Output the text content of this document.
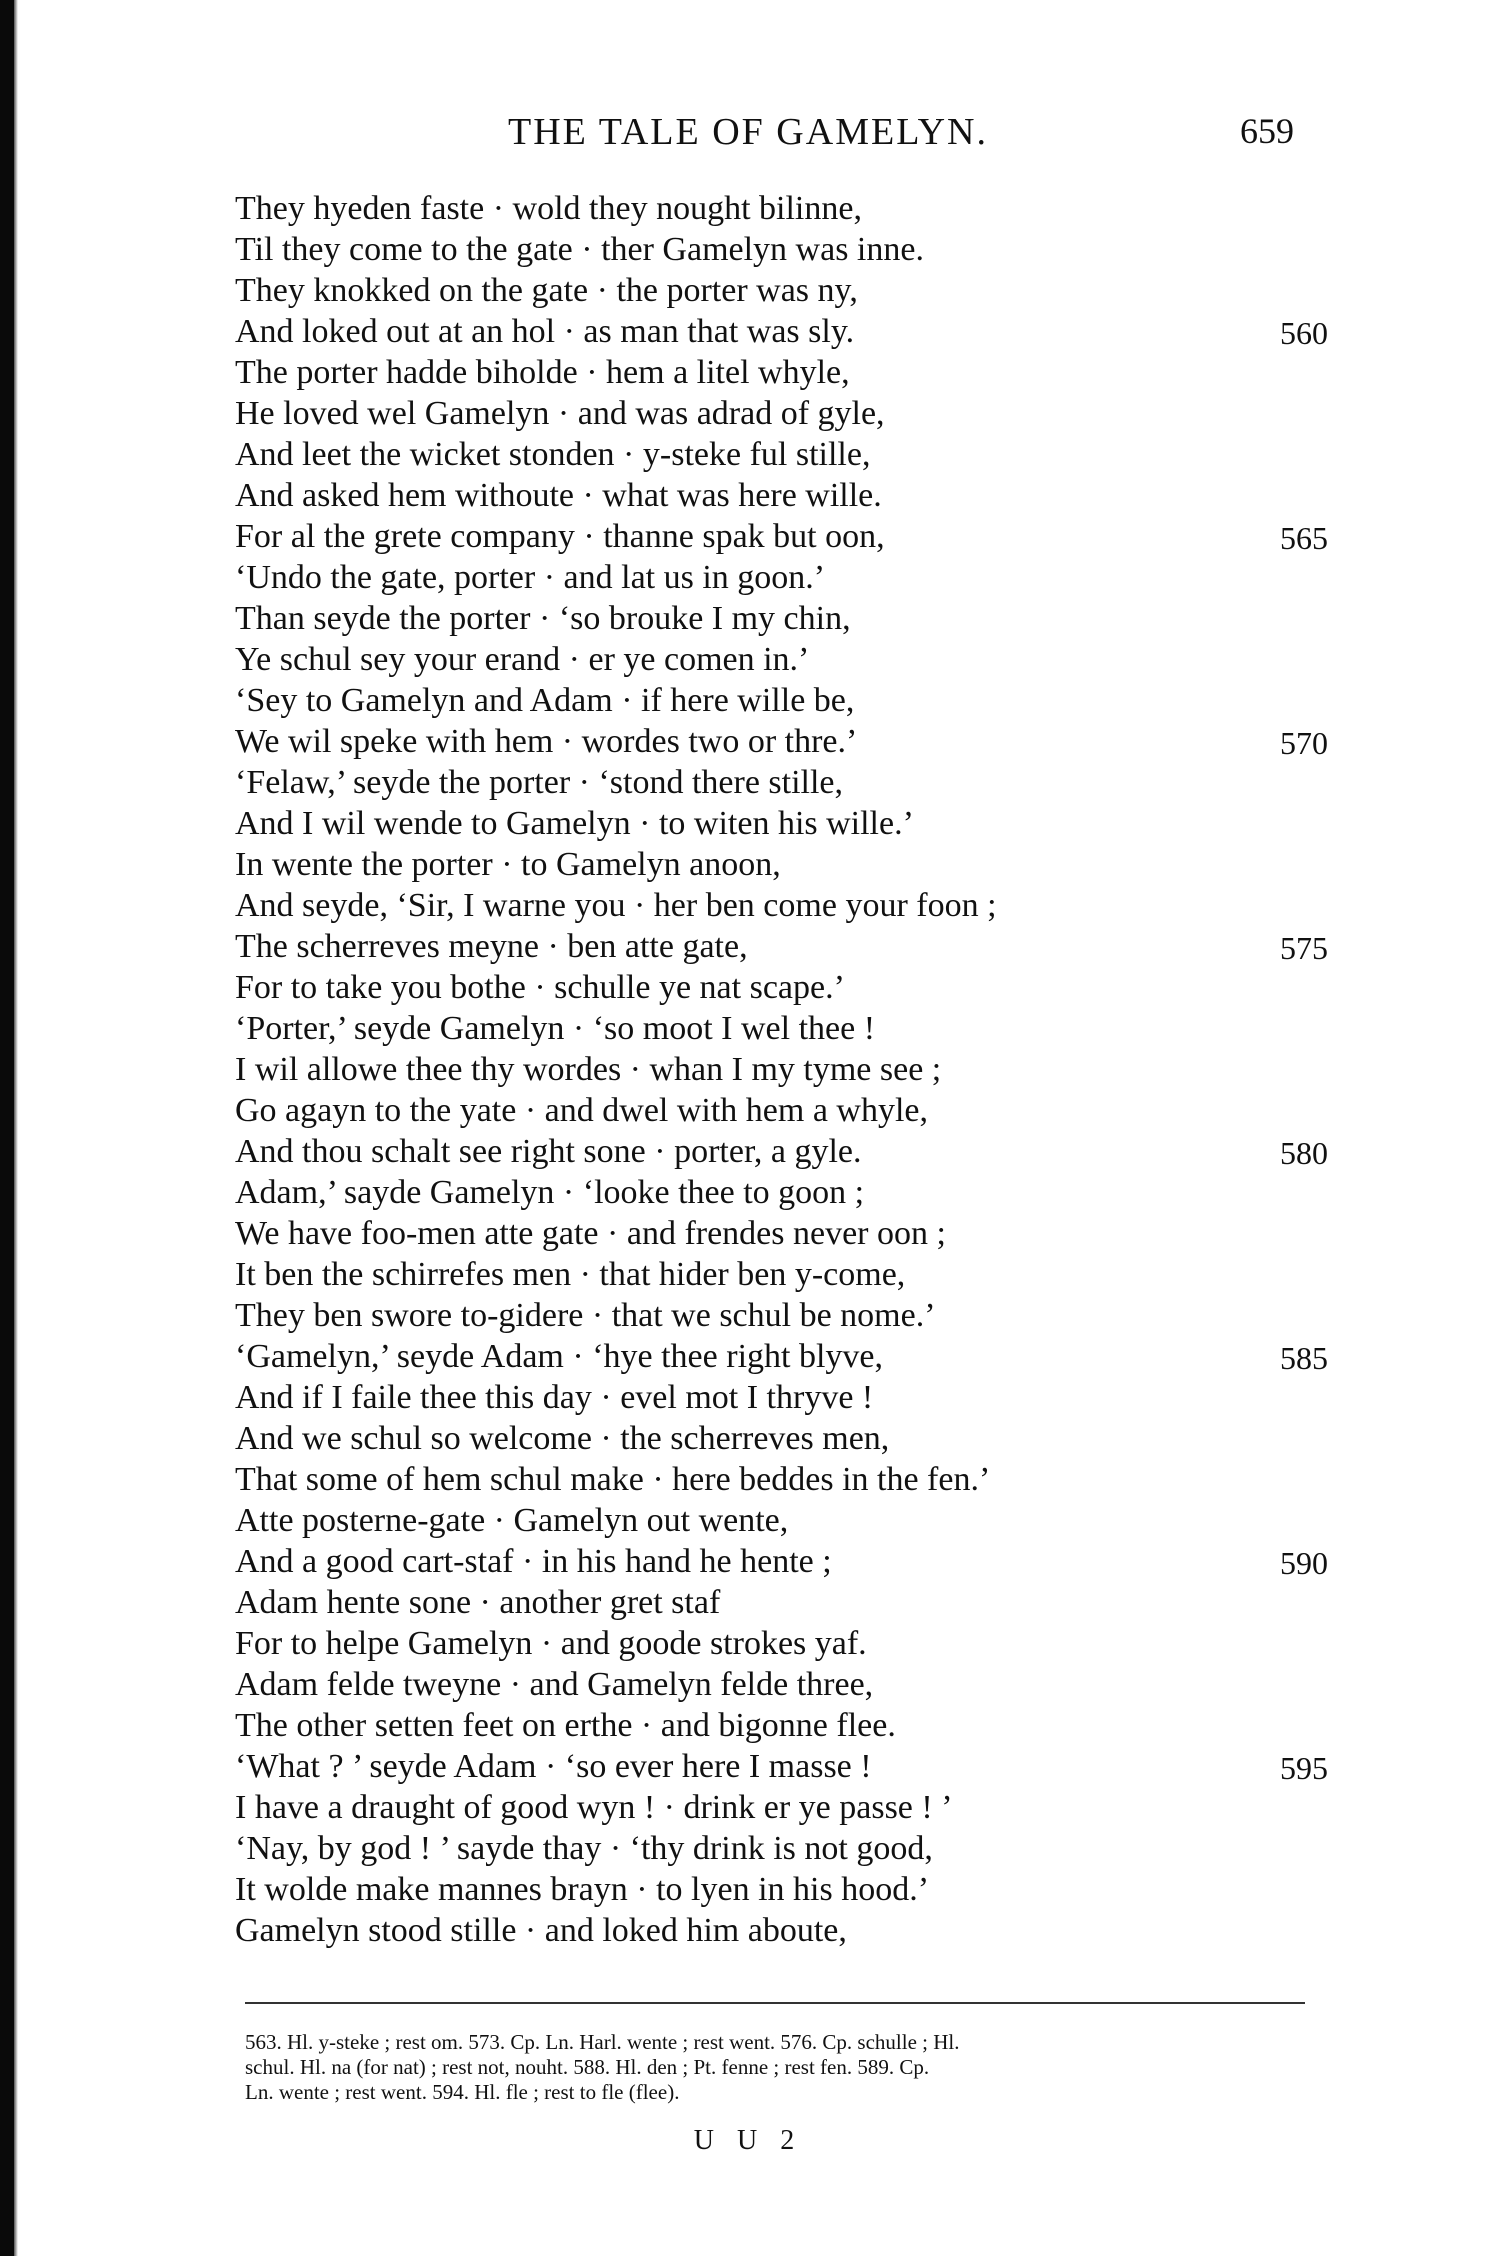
THE TALE OF GAMELYN.	659
They hyeden faste · wold they nought bilinne,
Til they come to the gate · ther Gamelyn was inne.
They knokked on the gate · the porter was ny,
And loked out at an hol · as man that was sly.	560
The porter hadde biholde · hem a litel whyle,
He loved wel Gamelyn · and was adrad of gyle,
And leet the wicket stonden · y-steke ful stille,
And asked hem withoute · what was here wille.
For al the grete company · thanne spak but oon,	565
‘Undo the gate, porter · and lat us in goon.’
Than seyde the porter · ‘so brouke I my chin,
Ye schul sey your erand · er ye comen in.’
‘Sey to Gamelyn and Adam · if here wille be,
We wil speke with hem · wordes two or thre.’	570
‘Felaw,’ seyde the porter · ‘stond there stille,
And I wil wende to Gamelyn · to witen his wille.’
In wente the porter · to Gamelyn anoon,
And seyde, ‘Sir, I warne you · her ben come your foon ;
The scherreves meyne · ben atte gate,	575
For to take you bothe · schulle ye nat scape.’
‘Porter,’ seyde Gamelyn · ‘so moot I wel thee !
I wil allowe thee thy wordes · whan I my tyme see ;
Go agayn to the yate · and dwel with hem a whyle,
And thou schalt see right sone · porter, a gyle.	580
Adam,’ sayde Gamelyn · ‘looke thee to goon ;
We have foo-men atte gate · and frendes never oon ;
It ben the schirrefes men · that hider ben y-come,
They ben swore to-gidere · that we schul be nome.’
‘Gamelyn,’ seyde Adam · ‘hye thee right blyve,	585
And if I faile thee this day · evel mot I thryve !
And we schul so welcome · the scherreves men,
That some of hem schul make · here beddes in the fen.’
Atte posterne-gate · Gamelyn out wente,
And a good cart-staf · in his hand he hente ;	590
Adam hente sone · another gret staf
For to helpe Gamelyn · and goode strokes yaf.
Adam felde tweyne · and Gamelyn felde three,
The other setten feet on erthe · and bigonne flee.
‘What ? ’ seyde Adam · ‘so ever here I masse !	595
I have a draught of good wyn ! · drink er ye passe ! ’
‘Nay, by god ! ’ sayde thay · ‘thy drink is not good,
It wolde make mannes brayn · to lyen in his hood.’
Gamelyn stood stille · and loked him aboute,
563. Hl. y-steke ; rest om. 573. Cp. Ln. Harl. wente ; rest went. 576. Cp. schulle ; Hl.
schul. Hl. na (for nat) ; rest not, nouht. 588. Hl. den ; Pt. fenne ; rest fen. 589. Cp.
Ln. wente ; rest went. 594. Hl. fle ; rest to fle (flee).
U U 2
